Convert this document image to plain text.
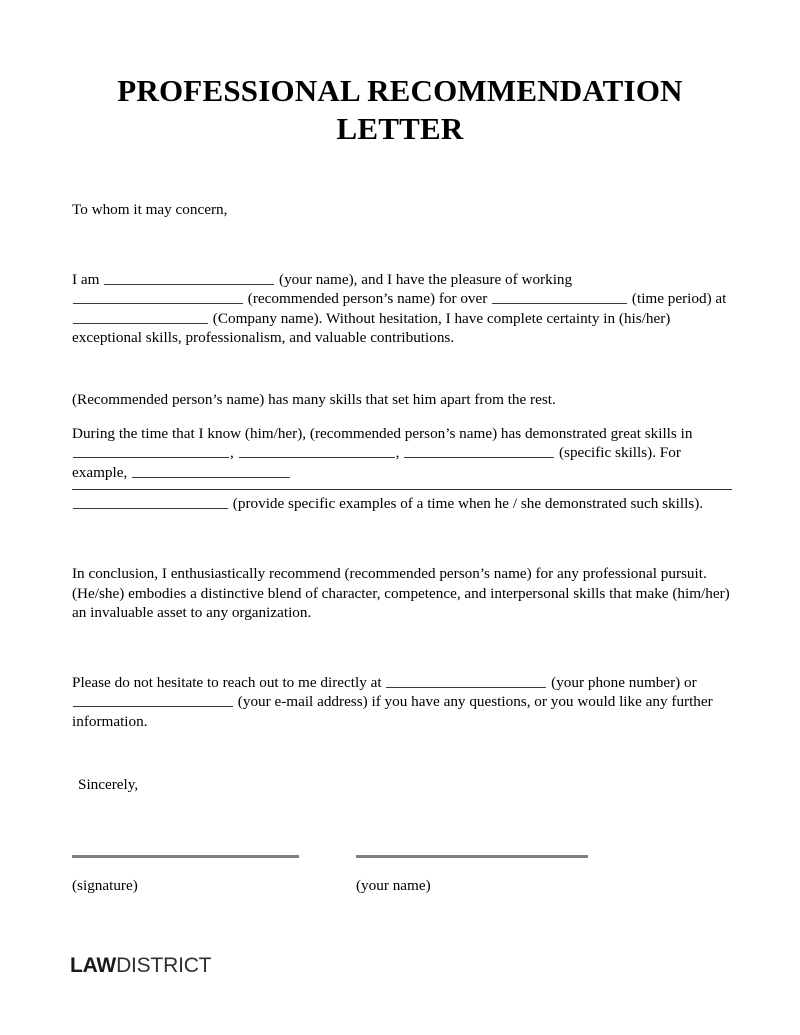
PROFESSIONAL RECOMMENDATION LETTER

To whom it may concern,

I am	(your name), and I have the pleasure of working  (recommended person’s name) for over	(time period) at  (Company name). Without hesitation, I have complete certainty in (his/her) exceptional skills, professionalism, and valuable contributions.

(Recommended person’s name) has many skills that set him apart from the rest.

During the time that I know (him/her), (recommended person’s name) has demonstrated great skills in ,	,	(specific skills). For example,
(provide specific examples of a time when he / she demonstrated such skills).

In conclusion, I enthusiastically recommend (recommended person’s name) for any professional pursuit. (He/she) embodies a distinctive blend of character, competence, and interpersonal skills that make (him/her) an invaluable asset to any organization.

Please do not hesitate to reach out to me directly at	(your phone number) or  (your e-mail address) if you have any questions, or you would like any further information.

Sincerely,
(signature)	(your name)
LAWDISTRICT
